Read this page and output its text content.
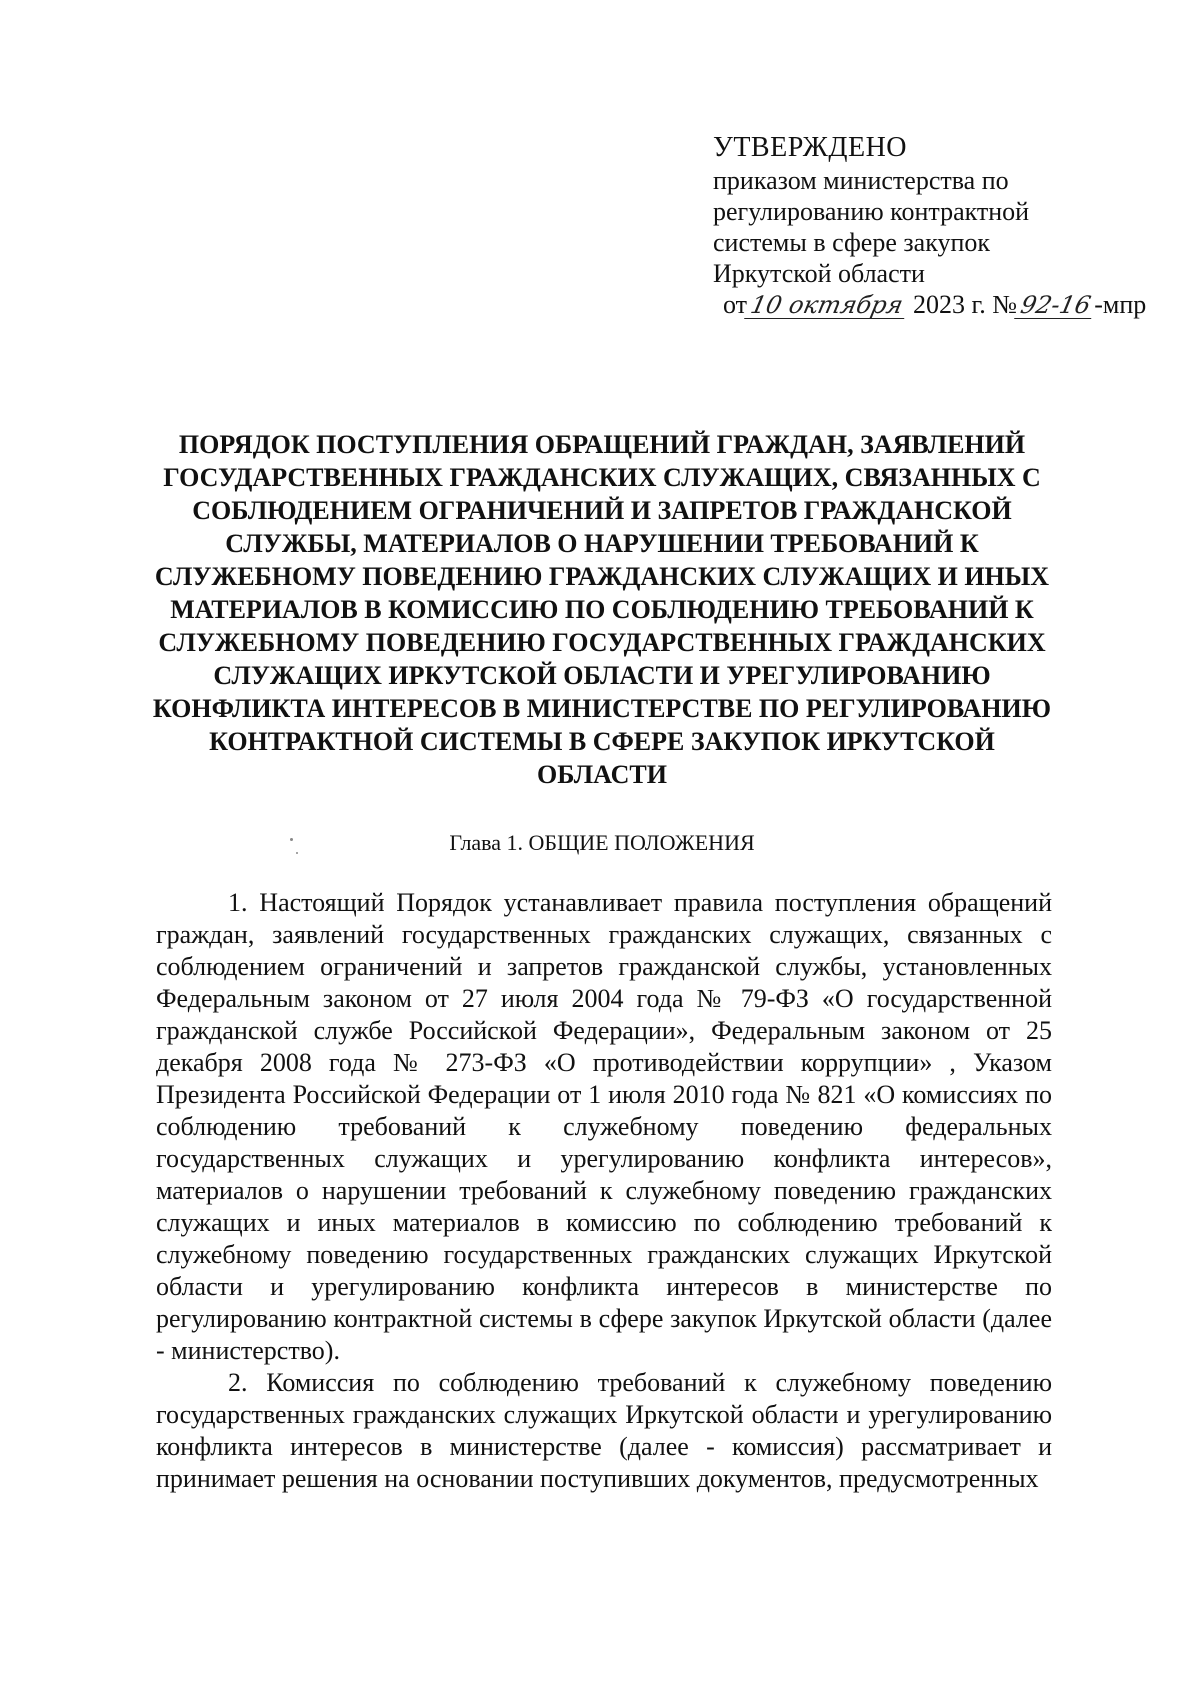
УТВЕРЖДЕНО
приказом министерства по
регулированию контрактной
системы в сфере закупок
Иркутской области
от10 октября 2023 г. №92-16-мпр
ПОРЯДОК ПОСТУПЛЕНИЯ ОБРАЩЕНИЙ ГРАЖДАН, ЗАЯВЛЕНИЙ ГОСУДАРСТВЕННЫХ ГРАЖДАНСКИХ СЛУЖАЩИХ, СВЯЗАННЫХ С СОБЛЮДЕНИЕМ ОГРАНИЧЕНИЙ И ЗАПРЕТОВ ГРАЖДАНСКОЙ СЛУЖБЫ, МАТЕРИАЛОВ О НАРУШЕНИИ ТРЕБОВАНИЙ К СЛУЖЕБНОМУ ПОВЕДЕНИЮ ГРАЖДАНСКИХ СЛУЖАЩИХ И ИНЫХ МАТЕРИАЛОВ В КОМИССИЮ ПО СОБЛЮДЕНИЮ ТРЕБОВАНИЙ К СЛУЖЕБНОМУ ПОВЕДЕНИЮ ГОСУДАРСТВЕННЫХ ГРАЖДАНСКИХ СЛУЖАЩИХ ИРКУТСКОЙ ОБЛАСТИ И УРЕГУЛИРОВАНИЮ КОНФЛИКТА ИНТЕРЕСОВ В МИНИСТЕРСТВЕ ПО РЕГУЛИРОВАНИЮ КОНТРАКТНОЙ СИСТЕМЫ В СФЕРЕ ЗАКУПОК ИРКУТСКОЙ ОБЛАСТИ
Глава 1. ОБЩИЕ ПОЛОЖЕНИЯ

1. Настоящий Порядок устанавливает правила поступления обращений граждан, заявлений государственных гражданских служащих, связанных с соблюдением ограничений и запретов гражданской службы, установленных Федеральным законом от 27 июля 2004 года № 79-ФЗ «О государственной гражданской службе Российской Федерации», Федеральным законом от 25 декабря 2008 года № 273-ФЗ «О противодействии коррупции» , Указом Президента Российской Федерации от 1 июля 2010 года № 821 «О комиссиях по соблюдению требований к служебному поведению федеральных государственных служащих и урегулированию конфликта интересов», материалов о нарушении требований к служебному поведению гражданских служащих и иных материалов в комиссию по соблюдению требований к служебному поведению государственных гражданских служащих Иркутской области и урегулированию конфликта интересов в министерстве по регулированию контрактной системы в сфере закупок Иркутской области (далее - министерство).

2. Комиссия по соблюдению требований к служебному поведению государственных гражданских служащих Иркутской области и урегулированию конфликта интересов в министерстве (далее - комиссия) рассматривает и принимает решения на основании поступивших документов, предусмотренных
